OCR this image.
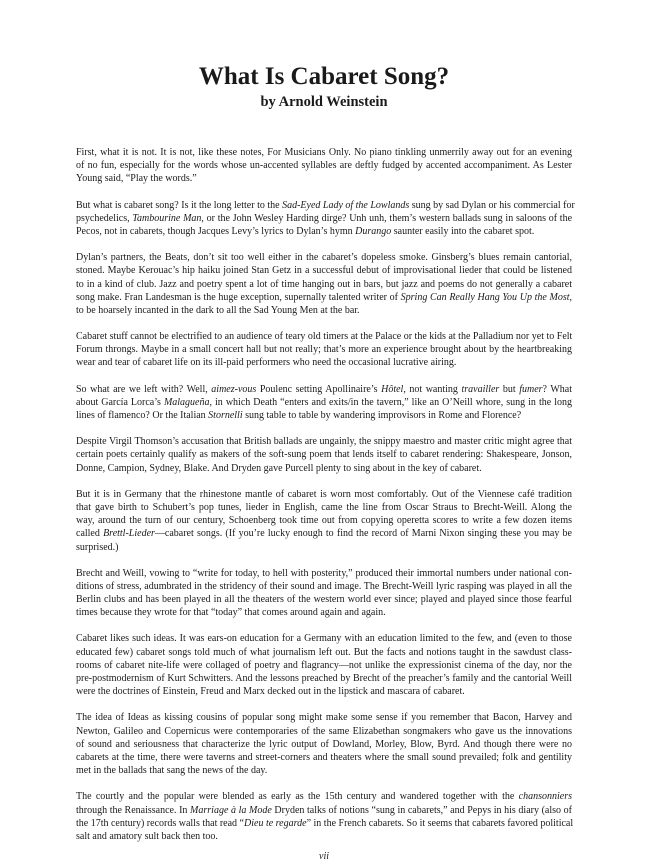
What Is Cabaret Song?
by Arnold Weinstein

First, what it is not. It is not, like these notes, For Musicians Only. No piano tinkling unmerrily away out for an evening
of no fun, especially for the words whose un-accented syllables are deftly fudged by accented accompaniment. As Lester
Young said, “Play the words.”

But what is cabaret song? Is it the long letter to the Sad-Eyed Lady of the Lowlands sung by sad Dylan or his commercial for
psychedelics, Tambourine Man, or the John Wesley Harding dirge? Unh unh, them’s western ballads sung in saloons of the
Pecos, not in cabarets, though Jacques Levy’s lyrics to Dylan’s hymn Durango saunter easily into the cabaret spot.

Dylan’s partners, the Beats, don’t sit too well either in the cabaret’s dopeless smoke. Ginsberg’s blues remain cantorial,
stoned. Maybe Kerouac’s hip haiku joined Stan Getz in a successful debut of improvisational lieder that could be listened
to in a kind of club. Jazz and poetry spent a lot of time hanging out in bars, but jazz and poems do not generally a cabaret
song make. Fran Landesman is the huge exception, supernally talented writer of Spring Can Really Hang You Up the Most,
to be hoarsely incanted in the dark to all the Sad Young Men at the bar.

Cabaret stuff cannot be electrified to an audience of teary old timers at the Palace or the kids at the Palladium nor yet to Felt
Forum throngs. Maybe in a small concert hall but not really; that’s more an experience brought about by the heartbreaking
wear and tear of cabaret life on its ill-paid performers who need the occasional lucrative airing.

So what are we left with? Well, aimez-vous Poulenc setting Apollinaire’s Hôtel, not wanting travailler but fumer? What
about García Lorca’s Malagueña, in which Death “enters and exits/in the tavern,” like an O’Neill whore, sung in the long
lines of flamenco? Or the Italian Stornelli sung table to table by wandering improvisors in Rome and Florence?

Despite Virgil Thomson’s accusation that British ballads are ungainly, the snippy maestro and master critic might agree that
certain poets certainly qualify as makers of the soft-sung poem that lends itself to cabaret rendering: Shakespeare, Jonson,
Donne, Campion, Sydney, Blake. And Dryden gave Purcell plenty to sing about in the key of cabaret.

But it is in Germany that the rhinestone mantle of cabaret is worn most comfortably. Out of the Viennese café tradition
that gave birth to Schubert’s pop tunes, lieder in English, came the line from Oscar Straus to Brecht-Weill. Along the
way, around the turn of our century, Schoenberg took time out from copying operetta scores to write a few dozen items
called Brettl-Lieder—cabaret songs. (If you’re lucky enough to find the record of Marni Nixon singing these you may be
surprised.)

Brecht and Weill, vowing to “write for today, to hell with posterity,” produced their immortal numbers under national con-
ditions of stress, adumbrated in the stridency of their sound and image. The Brecht-Weill lyric rasping was played in all the
Berlin clubs and has been played in all the theaters of the western world ever since; played and played since those fearful
times because they wrote for that “today” that comes around again and again.

Cabaret likes such ideas. It was ears-on education for a Germany with an education limited to the few, and (even to those
educated few) cabaret songs told much of what journalism left out. But the facts and notions taught in the sawdust class-
rooms of cabaret nite-life were collaged of poetry and flagrancy—not unlike the expressionist cinema of the day, nor the
pre-postmodernism of Kurt Schwitters. And the lessons preached by Brecht of the preacher’s family and the cantorial Weill
were the doctrines of Einstein, Freud and Marx decked out in the lipstick and mascara of cabaret.

The idea of Ideas as kissing cousins of popular song might make some sense if you remember that Bacon, Harvey and
Newton, Galileo and Copernicus were contemporaries of the same Elizabethan songmakers who gave us the innovations
of sound and seriousness that characterize the lyric output of Dowland, Morley, Blow, Byrd. And though there were no
cabarets at the time, there were taverns and street-corners and theaters where the small sound prevailed; folk and gentility
met in the ballads that sang the news of the day.

The courtly and the popular were blended as early as the 15th century and wandered together with the chansonniers
through the Renaissance. In Marriage à la Mode Dryden talks of notions “sung in cabarets,” and Pepys in his diary (also of
the 17th century) records walls that read “Dieu te regarde” in the French cabarets. So it seems that cabarets favored political
salt and amatory sult back then too.

vii
